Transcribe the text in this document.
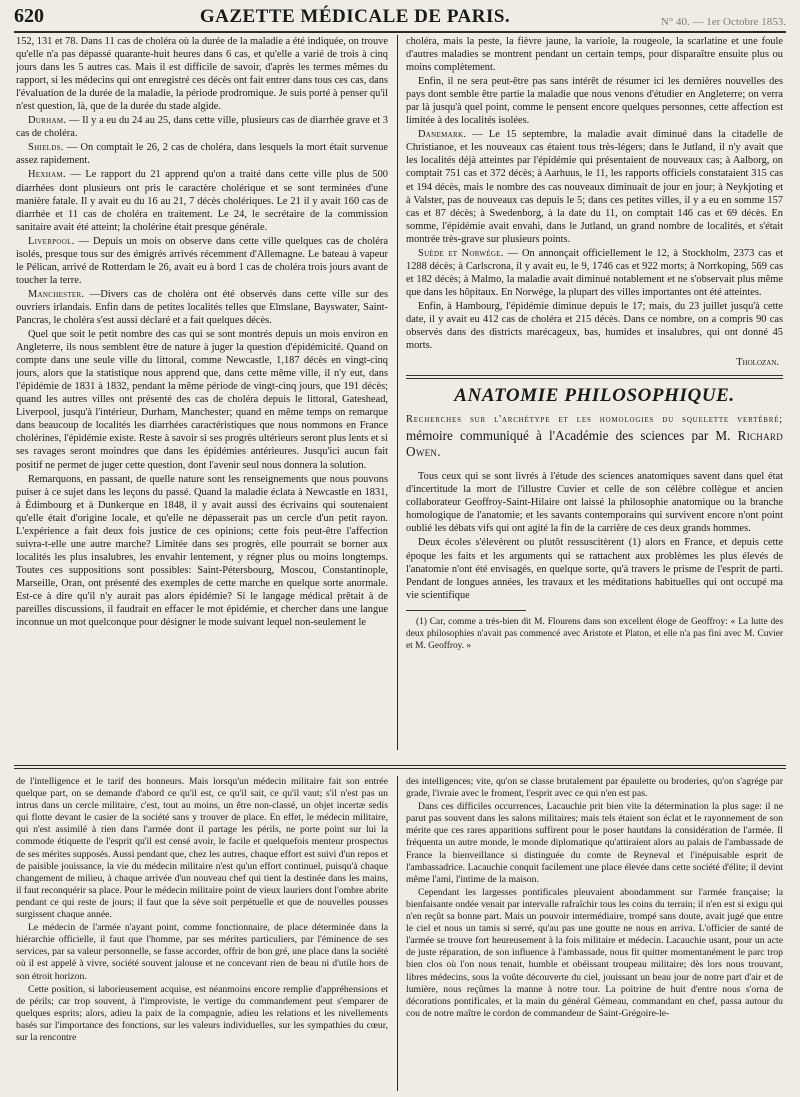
620	GAZETTE MÉDICALE DE PARIS.	N° 40. — 1er Octobre 1853.

152, 131 et 78. Dans 11 cas de choléra où la durée de la maladie a été indiquée, on trouve qu'elle n'a pas dépassé quarante-huit heures dans 6 cas, et qu'elle a varié de trois à cinq jours dans les 5 autres cas. Mais il est difficile de savoir, d'après les termes mêmes du rapport, si les médecins qui ont enregistré ces décès ont fait entrer dans tous ces cas, dans l'évaluation de la durée de la maladie, la période prodromique. Je suis porté à penser qu'il n'est question, là, que de la durée du stade algide.

Durham. — Il y a eu du 24 au 25, dans cette ville, plusieurs cas de diarrhée grave et 3 cas de choléra.

Shields. — On comptait le 26, 2 cas de choléra, dans lesquels la mort était survenue assez rapidement.

Hexham. — Le rapport du 21 apprend qu'on a traité dans cette ville plus de 500 diarrhées dont plusieurs ont pris le caractère cholérique et se sont terminées d'une manière fatale. Il y avait eu du 16 au 21, 7 décès cholériques. Le 21 il y avait 160 cas de diarrhée et 11 cas de choléra en traitement. Le 24, le secrétaire de la commission sanitaire avait été atteint; la cholérine était presque générale.

Liverpool. — Depuis un mois on observe dans cette ville quelques cas de choléra isolés, presque tous sur des émigrés arrivés récemment d'Allemagne. Le bateau à vapeur le Pélican, arrivé de Rotterdam le 26, avait eu à bord 1 cas de choléra trois jours avant de toucher la terre.

Manchester. —Divers cas de choléra ont été observés dans cette ville sur des ouvriers irlandais. Enfin dans de petites localités telles que Elmslane, Bayswater, Saint-Pancras, le choléra s'est aussi déclaré et a fait quelques décès.

Quel que soit le petit nombre des cas qui se sont montrés depuis un mois environ en Angleterre, ils nous semblent être de nature à juger la question d'épidémicité. Quand on compte dans une seule ville du littoral, comme Newcastle, 1,187 décès en vingt-cinq jours, alors que la statistique nous apprend que, dans cette même ville, il n'y eut, dans l'épidémie de 1831 à 1832, pendant la même période de vingt-cinq jours, que 191 décès; quand les autres villes ont présenté des cas de choléra depuis le littoral, Gateshead, Liverpool, jusqu'à l'intérieur, Durham, Manchester; quand en même temps on remarque dans beaucoup de localités les diarrhées caractéristiques que nous nommons en France cholérines, l'épidémie existe. Reste à savoir si ses progrès ultérieurs seront plus lents et si ses ravages seront moindres que dans les épidémies antérieures. Jusqu'ici aucun fait positif ne permet de juger cette question, dont l'avenir seul nous donnera la solution.

Remarquons, en passant, de quelle nature sont les renseignements que nous pouvons puiser à ce sujet dans les leçons du passé. Quand la maladie éclata à Newcastle en 1831, à Édimbourg et à Dunkerque en 1848, il y avait aussi des écrivains qui soutenaient qu'elle était d'origine locale, et qu'elle ne dépasserait pas un cercle d'un petit rayon. L'expérience a fait deux fois justice de ces opinions; cette fois peut-être l'affection suivra-t-elle une autre marche? Limitée dans ses progrès, elle pourrait se borner aux localités les plus insalubres, les envahir lentement, y régner plus ou moins longtemps. Toutes ces suppositions sont possibles: Saint-Pétersbourg, Moscou, Constantinople, Marseille, Oran, ont présenté des exemples de cette marche en quelque sorte anormale. Est-ce à dire qu'il n'y aurait pas alors épidémie? Si le langage médical prêtait à de pareilles discussions, il faudrait en effacer le mot épidémie, et chercher dans une langue inconnue un mot quelconque pour désigner le mode suivant lequel non-seulement le

choléra, mais la peste, la fièvre jaune, la variole, la rougeole, la scarlatine et une foule d'autres maladies se montrent pendant un certain temps, pour disparaître ensuite plus ou moins complètement.

Enfin, il ne sera peut-être pas sans intérêt de résumer ici les dernières nouvelles des pays dont semble être partie la maladie que nous venons d'étudier en Angleterre; on verra par là jusqu'à quel point, comme le pensent encore quelques personnes, cette affection est limitée à des localités isolées.

Danemark. — Le 15 septembre, la maladie avait diminué dans la citadelle de Christianoe, et les nouveaux cas étaient tous très-légers; dans le Jutland, il n'y avait que les localités déjà atteintes par l'épidémie qui présentaient de nouveaux cas; à Aalborg, on comptait 751 cas et 372 décès; à Aarhuus, le 11, les rapports officiels constataient 315 cas et 194 décès, mais le nombre des cas nouveaux diminuait de jour en jour; à Neykjoting et à Valster, pas de nouveaux cas depuis le 5; dans ces petites villes, il y a eu en somme 157 cas et 87 décès; à Swedenborg, à la date du 11, on comptait 146 cas et 69 décès. En somme, l'épidémie avait envahi, dans le Jutland, un grand nombre de localités, et s'était montrée très-grave sur plusieurs points.

Suède et Norwége. — On annonçait officiellement le 12, à Stockholm, 2373 cas et 1288 décès; à Carlscrona, il y avait eu, le 9, 1746 cas et 922 morts; à Norrkoping, 569 cas et 182 décès; à Malmo, la maladie avait diminué notablement et ne s'observait plus même que dans les hôpitaux. En Norwége, la plupart des villes importantes ont été atteintes.

Enfin, à Hambourg, l'épidémie diminue depuis le 17; mais, du 23 juillet jusqu'à cette date, il y avait eu 412 cas de choléra et 215 décès. Dans ce nombre, on a compris 90 cas observés dans des districts marécageux, bas, humides et insalubres, qui ont donné 45 morts.

Tholozan.
ANATOMIE PHILOSOPHIQUE.
Recherches sur l'archétype et les homologies du squelette vertébré; mémoire communiqué à l'Académie des sciences par M. Richard Owen.

Tous ceux qui se sont livrés à l'étude des sciences anatomiques savent dans quel état d'incertitude la mort de l'illustre Cuvier et celle de son célèbre collègue et ancien collaborateur Geoffroy-Saint-Hilaire ont laissé la philosophie anatomique ou la branche homologique de l'anatomie; et les savants contemporains qui survivent encore n'ont point oublié les débats vifs qui ont agité la fin de la carrière de ces deux grands hommes.

Deux écoles s'élevèrent ou plutôt ressuscitèrent (1) alors en France, et depuis cette époque les faits et les arguments qui se rattachent aux problèmes les plus élevés de l'anatomie n'ont été envisagés, en quelque sorte, qu'à travers le prisme de l'esprit de parti. Pendant de longues années, les travaux et les méditations habituelles qui ont occupé ma vie scientifique

(1) Car, comme a très-bien dit M. Flourens dans son excellent éloge de Geoffroy: « La lutte des deux philosophies n'avait pas commencé avec Aristote et Platon, et elle n'a pas fini avec M. Cuvier et M. Geoffroy. »

de l'intelligence et le tarif des honneurs. Mais lorsqu'un médecin militaire fait son entrée quelque part, on se demande d'abord ce qu'il est, ce qu'il sait, ce qu'il vaut; s'il n'est pas un intrus dans un cercle militaire, c'est, tout au moins, un être non-classé, un objet incertæ sedis qui flotte devant le casier de la société sans y trouver de place. En effet, le médecin militaire, qui n'est assimilé à rien dans l'armée dont il partage les périls, ne porte point sur lui la commode étiquette de l'esprit qu'il est censé avoir, le facile et quelquefois menteur prospectus de ses mérites supposés. Aussi pendant que, chez les autres, chaque effort est suivi d'un repos et de paisible jouissance, la vie du médecin militaire n'est qu'un effort continuel, puisqu'à chaque changement de milieu, à chaque arrivée d'un nouveau chef qui tient la destinée dans les mains, il faut reconquérir sa place. Pour le médecin militaire point de vieux lauriers dont l'ombre abrite pendant ce qui reste de jours; il faut que la sève soit perpétuelle et que de nouvelles pousses surgissent chaque année.

Le médecin de l'armée n'ayant point, comme fonctionnaire, de place déterminée dans la hiérarchie officielle, il faut que l'homme, par ses mérites particuliers, par l'éminence de ses services, par sa valeur personnelle, se fasse accorder, offrir de bon gré, une place dans la société où il est appelé à vivre, société souvent jalouse et ne concevant rien de beau ni d'utile hors de son étroit horizon.

Cette position, si laborieusement acquise, est néanmoins encore remplie d'appréhensions et de périls; car trop souvent, à l'improviste, le vertige du commandement peut s'emparer de quelques esprits; alors, adieu la paix de la compagnie, adieu les relations et les nivellements basés sur l'importance des fonctions, sur les valeurs individuelles, sur les sympathies du cœur, sur la rencontre

des intelligences; vite, qu'on se classe brutalement par épaulette ou broderies, qu'on s'agrége par grade, l'ivraie avec le froment, l'esprit avec ce qui n'en est pas.

Dans ces difficiles occurrences, Lacauchie prit bien vite la détermination la plus sage: il ne parut pas souvent dans les salons militaires; mais tels étaient son éclat et le rayonnement de son mérite que ces rares apparitions suffirent pour le poser hautdans la considération de l'armée. Il fréquenta un autre monde, le monde diplomatique qu'attiraient alors au palais de l'ambassade de France la bienveillance si distinguée du comte de Reyneval et l'inépuisable esprit de l'ambassadrice. Lacauchie conquit facilement une place élevée dans cette société d'élite; il devint même l'ami, l'intime de la maison.

Cependant les largesses pontificales pleuvaient abondamment sur l'armée française; la bienfaisante ondée venait par intervalle rafraîchir tous les coins du terrain; il n'en est si exigu qui n'en reçût sa bonne part. Mais un pouvoir intermédiaire, trompé sans doute, avait jugé que entre le ciel et nous un tamis si serré, qu'au pas une goutte ne nous en arriva. L'officier de santé de l'armée se trouve fort heureusement à la fois militaire et médecin. Lacauchie usant, pour un acte de juste réparation, de son influence à l'ambassade, nous fit quitter momentanément le parc trop bien clos où l'on nous tenait, humble et obéissant troupeau militaire; dès lors nous trouvant, libres médecins, sous la voûte découverte du ciel, jouissant un beau jour de notre part d'air et de lumière, nous reçûmes la manne à notre tour. La poitrine de huit d'entre nous s'orna de décorations pontificales, et la main du général Gémeau, commandant en chef, passa autour du cou de notre maître le cordon de commandeur de Saint-Grégoire-le-
